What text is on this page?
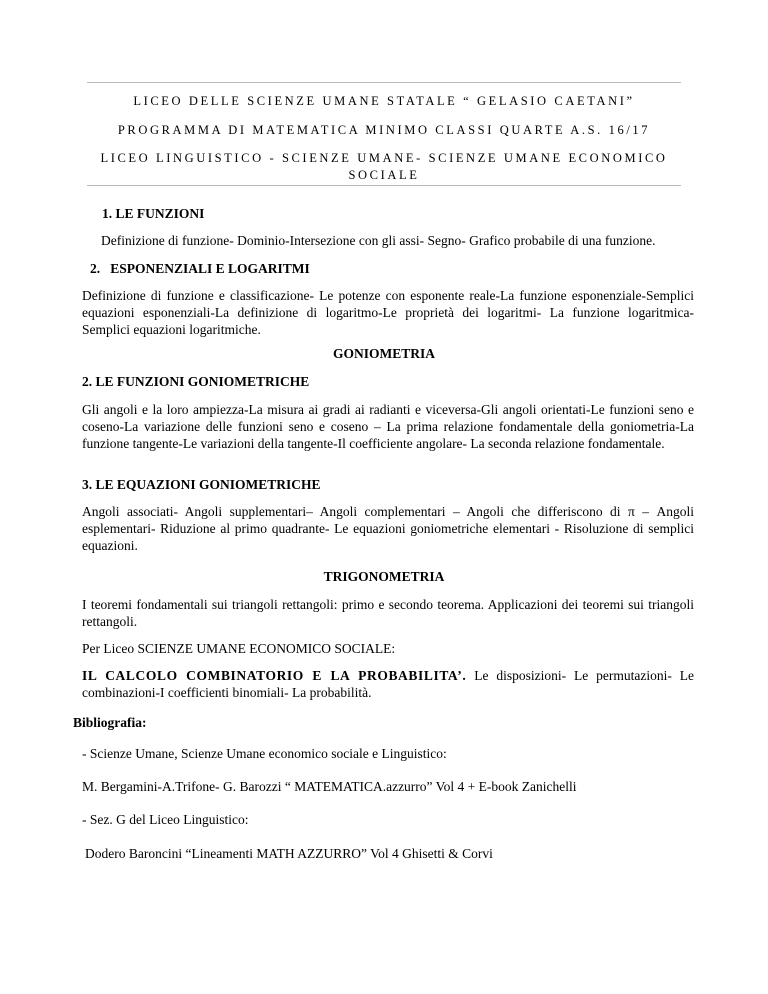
LICEO DELLE SCIENZE UMANE STATALE “ GELASIO CAETANI”
PROGRAMMA DI MATEMATICA MINIMO CLASSI QUARTE A.S. 16/17
LICEO LINGUISTICO - SCIENZE UMANE- SCIENZE UMANE ECONOMICO SOCIALE
1. LE FUNZIONI
Definizione di funzione- Dominio-Intersezione con gli assi- Segno- Grafico probabile di una funzione.
2.   ESPONENZIALI E LOGARITMI
Definizione di funzione e classificazione- Le potenze con esponente reale-La funzione esponenziale-Semplici equazioni esponenziali-La definizione di logaritmo-Le proprietà dei logaritmi- La funzione logaritmica- Semplici equazioni logaritmiche.
GONIOMETRIA
2. LE FUNZIONI GONIOMETRICHE
Gli angoli e la loro ampiezza-La misura ai gradi ai radianti e viceversa-Gli angoli orientati-Le funzioni seno e coseno-La variazione delle funzioni seno e coseno – La prima relazione fondamentale della goniometria-La funzione tangente-Le variazioni della tangente-Il coefficiente angolare- La seconda relazione fondamentale.
3. LE EQUAZIONI GONIOMETRICHE
Angoli associati- Angoli supplementari– Angoli complementari – Angoli che differiscono di π – Angoli esplementari- Riduzione al primo quadrante- Le equazioni goniometriche elementari - Risoluzione di semplici equazioni.
TRIGONOMETRIA
I teoremi fondamentali sui triangoli rettangoli: primo e secondo teorema. Applicazioni dei teoremi sui triangoli rettangoli.
Per Liceo SCIENZE UMANE ECONOMICO SOCIALE:
IL CALCOLO COMBINATORIO E LA PROBABILITA’. Le disposizioni- Le permutazioni- Le combinazioni-I coefficienti binomiali- La probabilità.
Bibliografia:
- Scienze Umane, Scienze Umane economico sociale e Linguistico:
M. Bergamini-A.Trifone- G. Barozzi “ MATEMATICA.azzurro” Vol 4 + E-book Zanichelli
- Sez. G del Liceo Linguistico:
Dodero Baroncini “Lineamenti MATH AZZURRO” Vol 4 Ghisetti & Corvi
